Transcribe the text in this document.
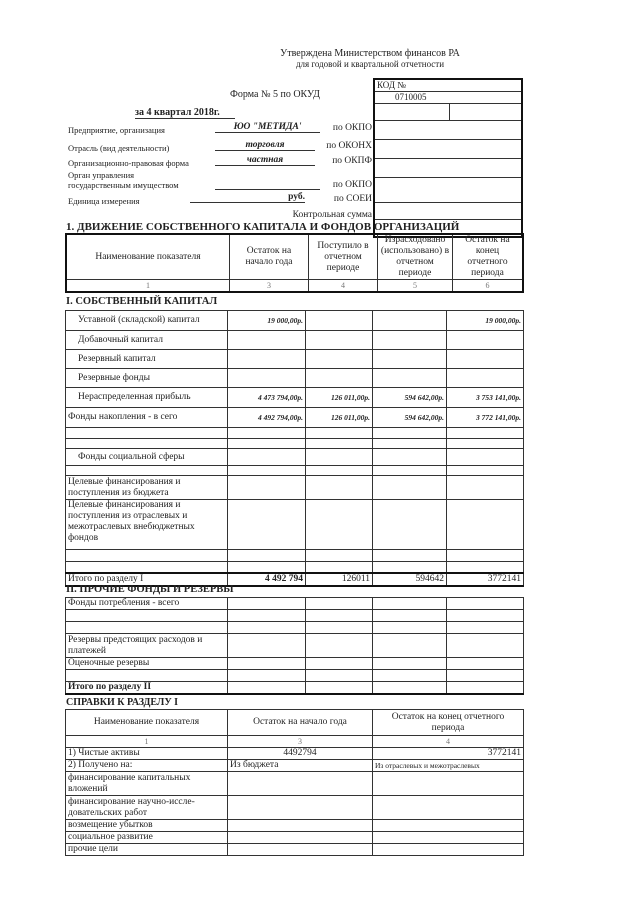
Утверждена Министерством финансов РА
для годовой и квартальной отчетности
Форма № 5 по ОКУД
за 4 квартал 2018г.
КОД №
0710005

Предприятие, организация	ЮО "МЕТИДА'	по ОКПО
Отрасль (вид деятельности)	торговля	по ОКОНХ
Организационно-правовая форма	частная	по ОКПФ
Орган управления государственным имуществом	по ОКПО
Единица измерения	руб.	по СОЕИ
Контрольная сумма
1. ДВИЖЕНИЕ СОБСТВЕННОГО КАПИТАЛА И ФОНДОВ ОРГАНИЗАЦИЙ
Наименование показателя	Остаток на начало года	Поступило в отчетном периоде	Израсходовано (использовано) в отчетном периоде	Остаток на конец отчетного периода
1	3	4	5	6
I. СОБСТВЕННЫЙ КАПИТАЛ
Уставной (складской) капитал	19 000,00р.			19 000,00р.
Добавочный капитал				
Резервный капитал				
Резервные фонды				
Нераспределенная прибыль	4 473 794,00р.	126 011,00р.	594 642,00р.	3 753 141,00р.
Фонды накопления - в сего	4 492 794,00р.	126 011,00р.	594 642,00р.	3 772 141,00р.

Фонды социальной сферы				

Целевые финансирования и поступления из бюджета				
Целевые финансирования и поступления из отраслевых и межотраслевых внебюджетных фондов				

Итого по разделу I	4 492 794	126011	594642	3772141
II. ПРОЧИЕ ФОНДЫ И РЕЗЕРВЫ
Фонды потребления - всего				

Резервы предстоящих расходов и платежей				
Оценочные резервы				

Итого по разделу II				
СПРАВКИ К РАЗДЕЛУ I
Наименование показателя	Остаток на начало года	Остаток на конец отчетного периода
1	3	4
1) Чистые активы	4492794	3772141
2) Получено на:	Из бюджета	Из отраслевых и межотраслевых
финансирование капитальных вложений		
финансирование научно-иссле-довательских работ		
возмещение убытков		
социальное развитие		
прочие цели		
